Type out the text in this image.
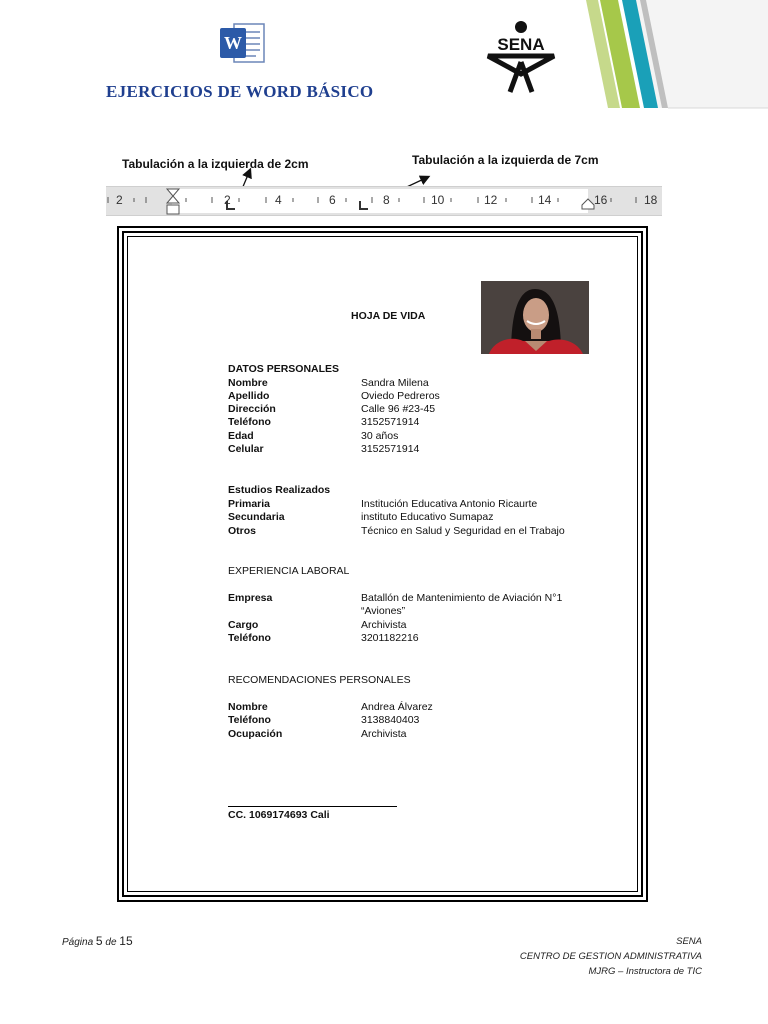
W
EJERCICIOS DE WORD BÁSICO
SENA
Tabulación a la izquierda de 2cm	Tabulación a la izquierda de 7cm
2	2	4	6	8	10	12	14	16	18
HOJA DE VIDA
DATOS PERSONALES
Nombre	Sandra Milena
Apellido	Oviedo Pedreros
Dirección	Calle 96 #23-45
Teléfono	3152571914
Edad	30 años
Celular	3152571914
Estudios Realizados
Primaria	Institución Educativa Antonio Ricaurte
Secundaria	instituto Educativo Sumapaz
Otros	Técnico en Salud y Seguridad en el Trabajo
EXPERIENCIA LABORAL
Empresa	Batallón de Mantenimiento de Aviación N°1
“Aviones”
Cargo	Archivista
Teléfono	3201182216
RECOMENDACIONES PERSONALES
Nombre	Andrea Álvarez
Teléfono	3138840403
Ocupación	Archivista
CC. 1069174693 Cali
Página 5 de 15	SENA
CENTRO DE GESTION ADMINISTRATIVA
MJRG – Instructora de TIC
